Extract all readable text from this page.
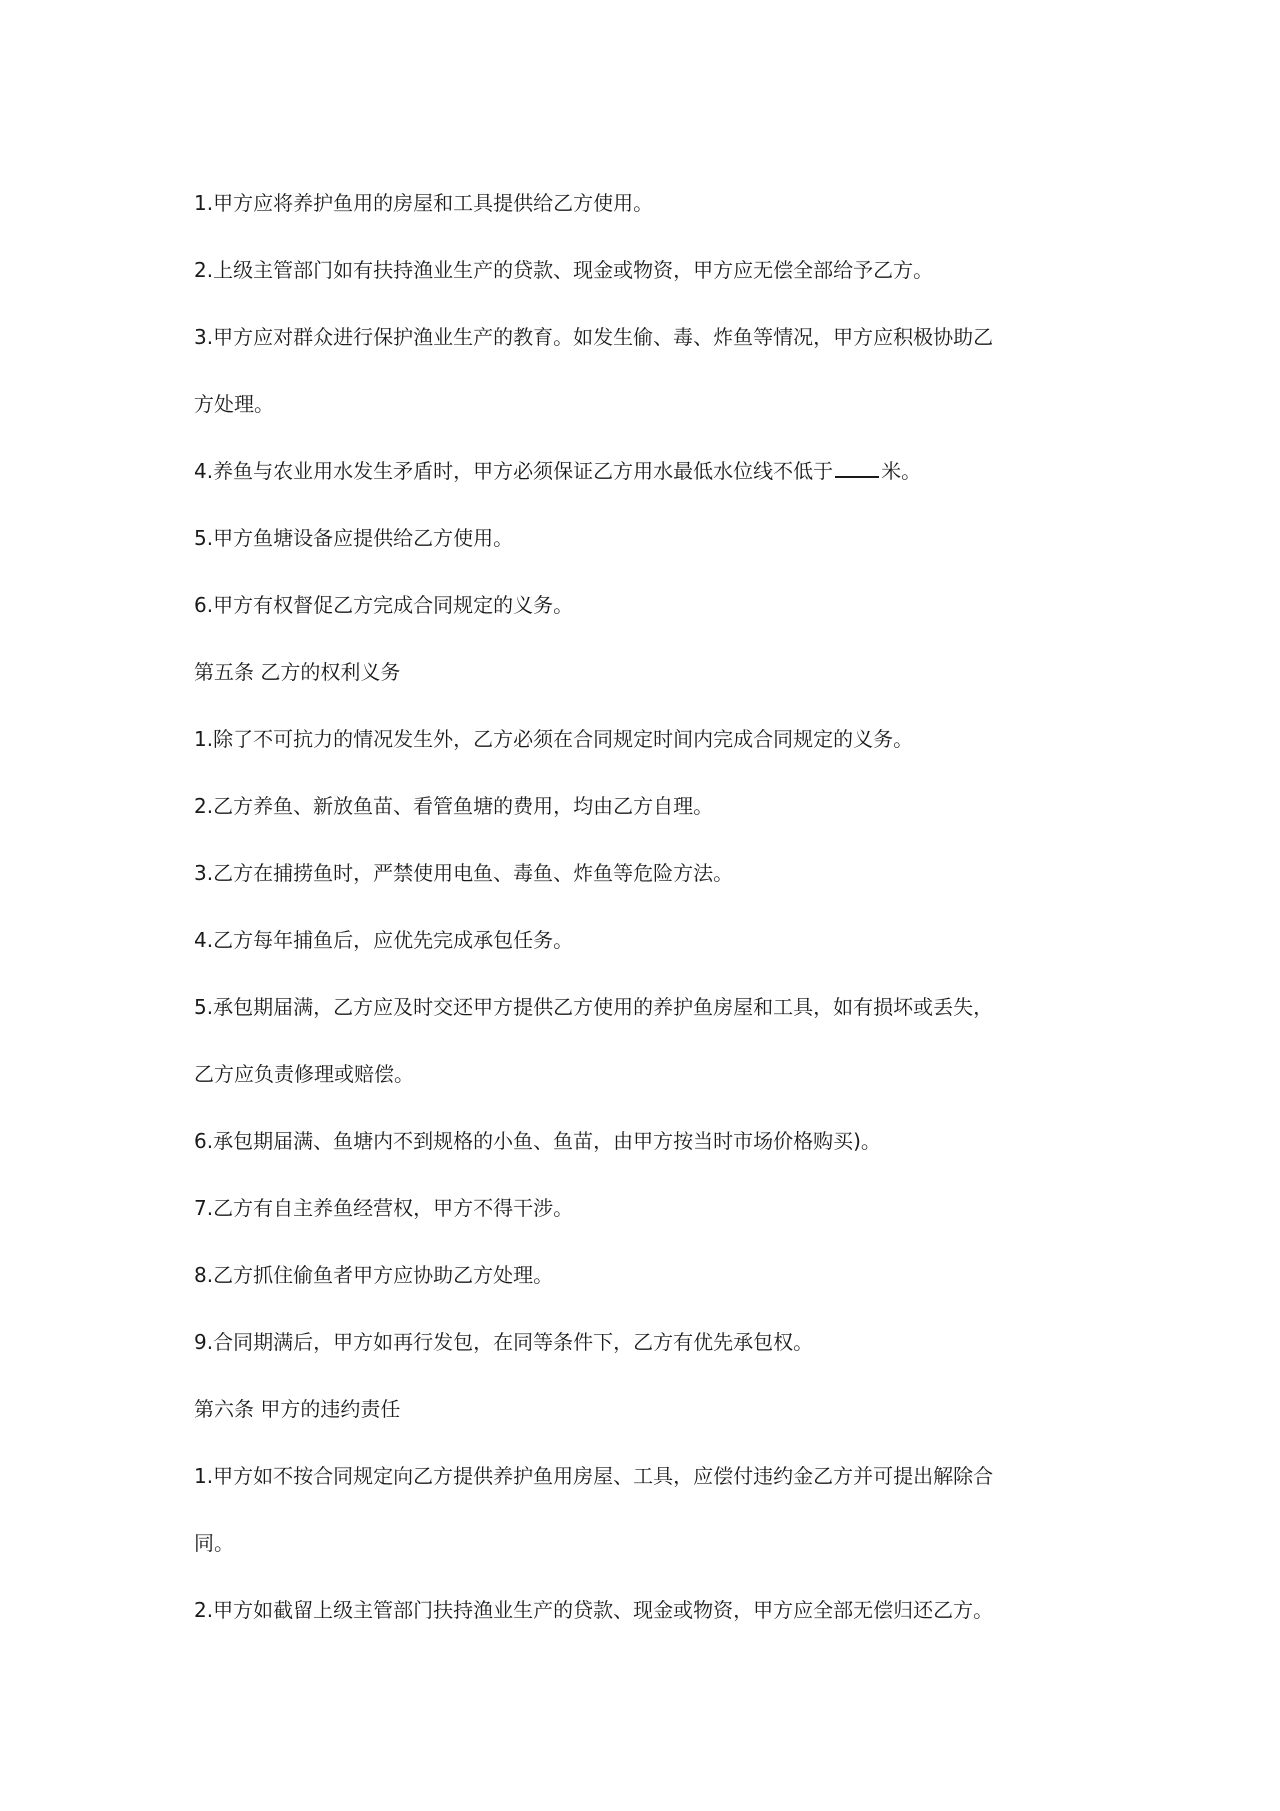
1.甲方应将养护鱼用的房屋和工具提供给乙方使用。

2.上级主管部门如有扶持渔业生产的贷款、现金或物资，甲方应无偿全部给予乙方。

3.甲方应对群众进行保护渔业生产的教育。如发生偷、毒、炸鱼等情况，甲方应积极协助乙

方处理。

4.养鱼与农业用水发生矛盾时，甲方必须保证乙方用水最低水位线不低于 米。

5.甲方鱼塘设备应提供给乙方使用。

6.甲方有权督促乙方完成合同规定的义务。

第五条 乙方的权利义务

1.除了不可抗力的情况发生外，乙方必须在合同规定时间内完成合同规定的义务。

2.乙方养鱼、新放鱼苗、看管鱼塘的费用，均由乙方自理。

3.乙方在捕捞鱼时，严禁使用电鱼、毒鱼、炸鱼等危险方法。

4.乙方每年捕鱼后，应优先完成承包任务。

5.承包期届满，乙方应及时交还甲方提供乙方使用的养护鱼房屋和工具，如有损坏或丢失，

乙方应负责修理或赔偿。

6.承包期届满、鱼塘内不到规格的小鱼、鱼苗，由甲方按当时市场价格购买)。

7.乙方有自主养鱼经营权，甲方不得干涉。

8.乙方抓住偷鱼者甲方应协助乙方处理。

9.合同期满后，甲方如再行发包，在同等条件下，乙方有优先承包权。

第六条 甲方的违约责任

1.甲方如不按合同规定向乙方提供养护鱼用房屋、工具，应偿付违约金乙方并可提出解除合

同。

2.甲方如截留上级主管部门扶持渔业生产的贷款、现金或物资，甲方应全部无偿归还乙方。
